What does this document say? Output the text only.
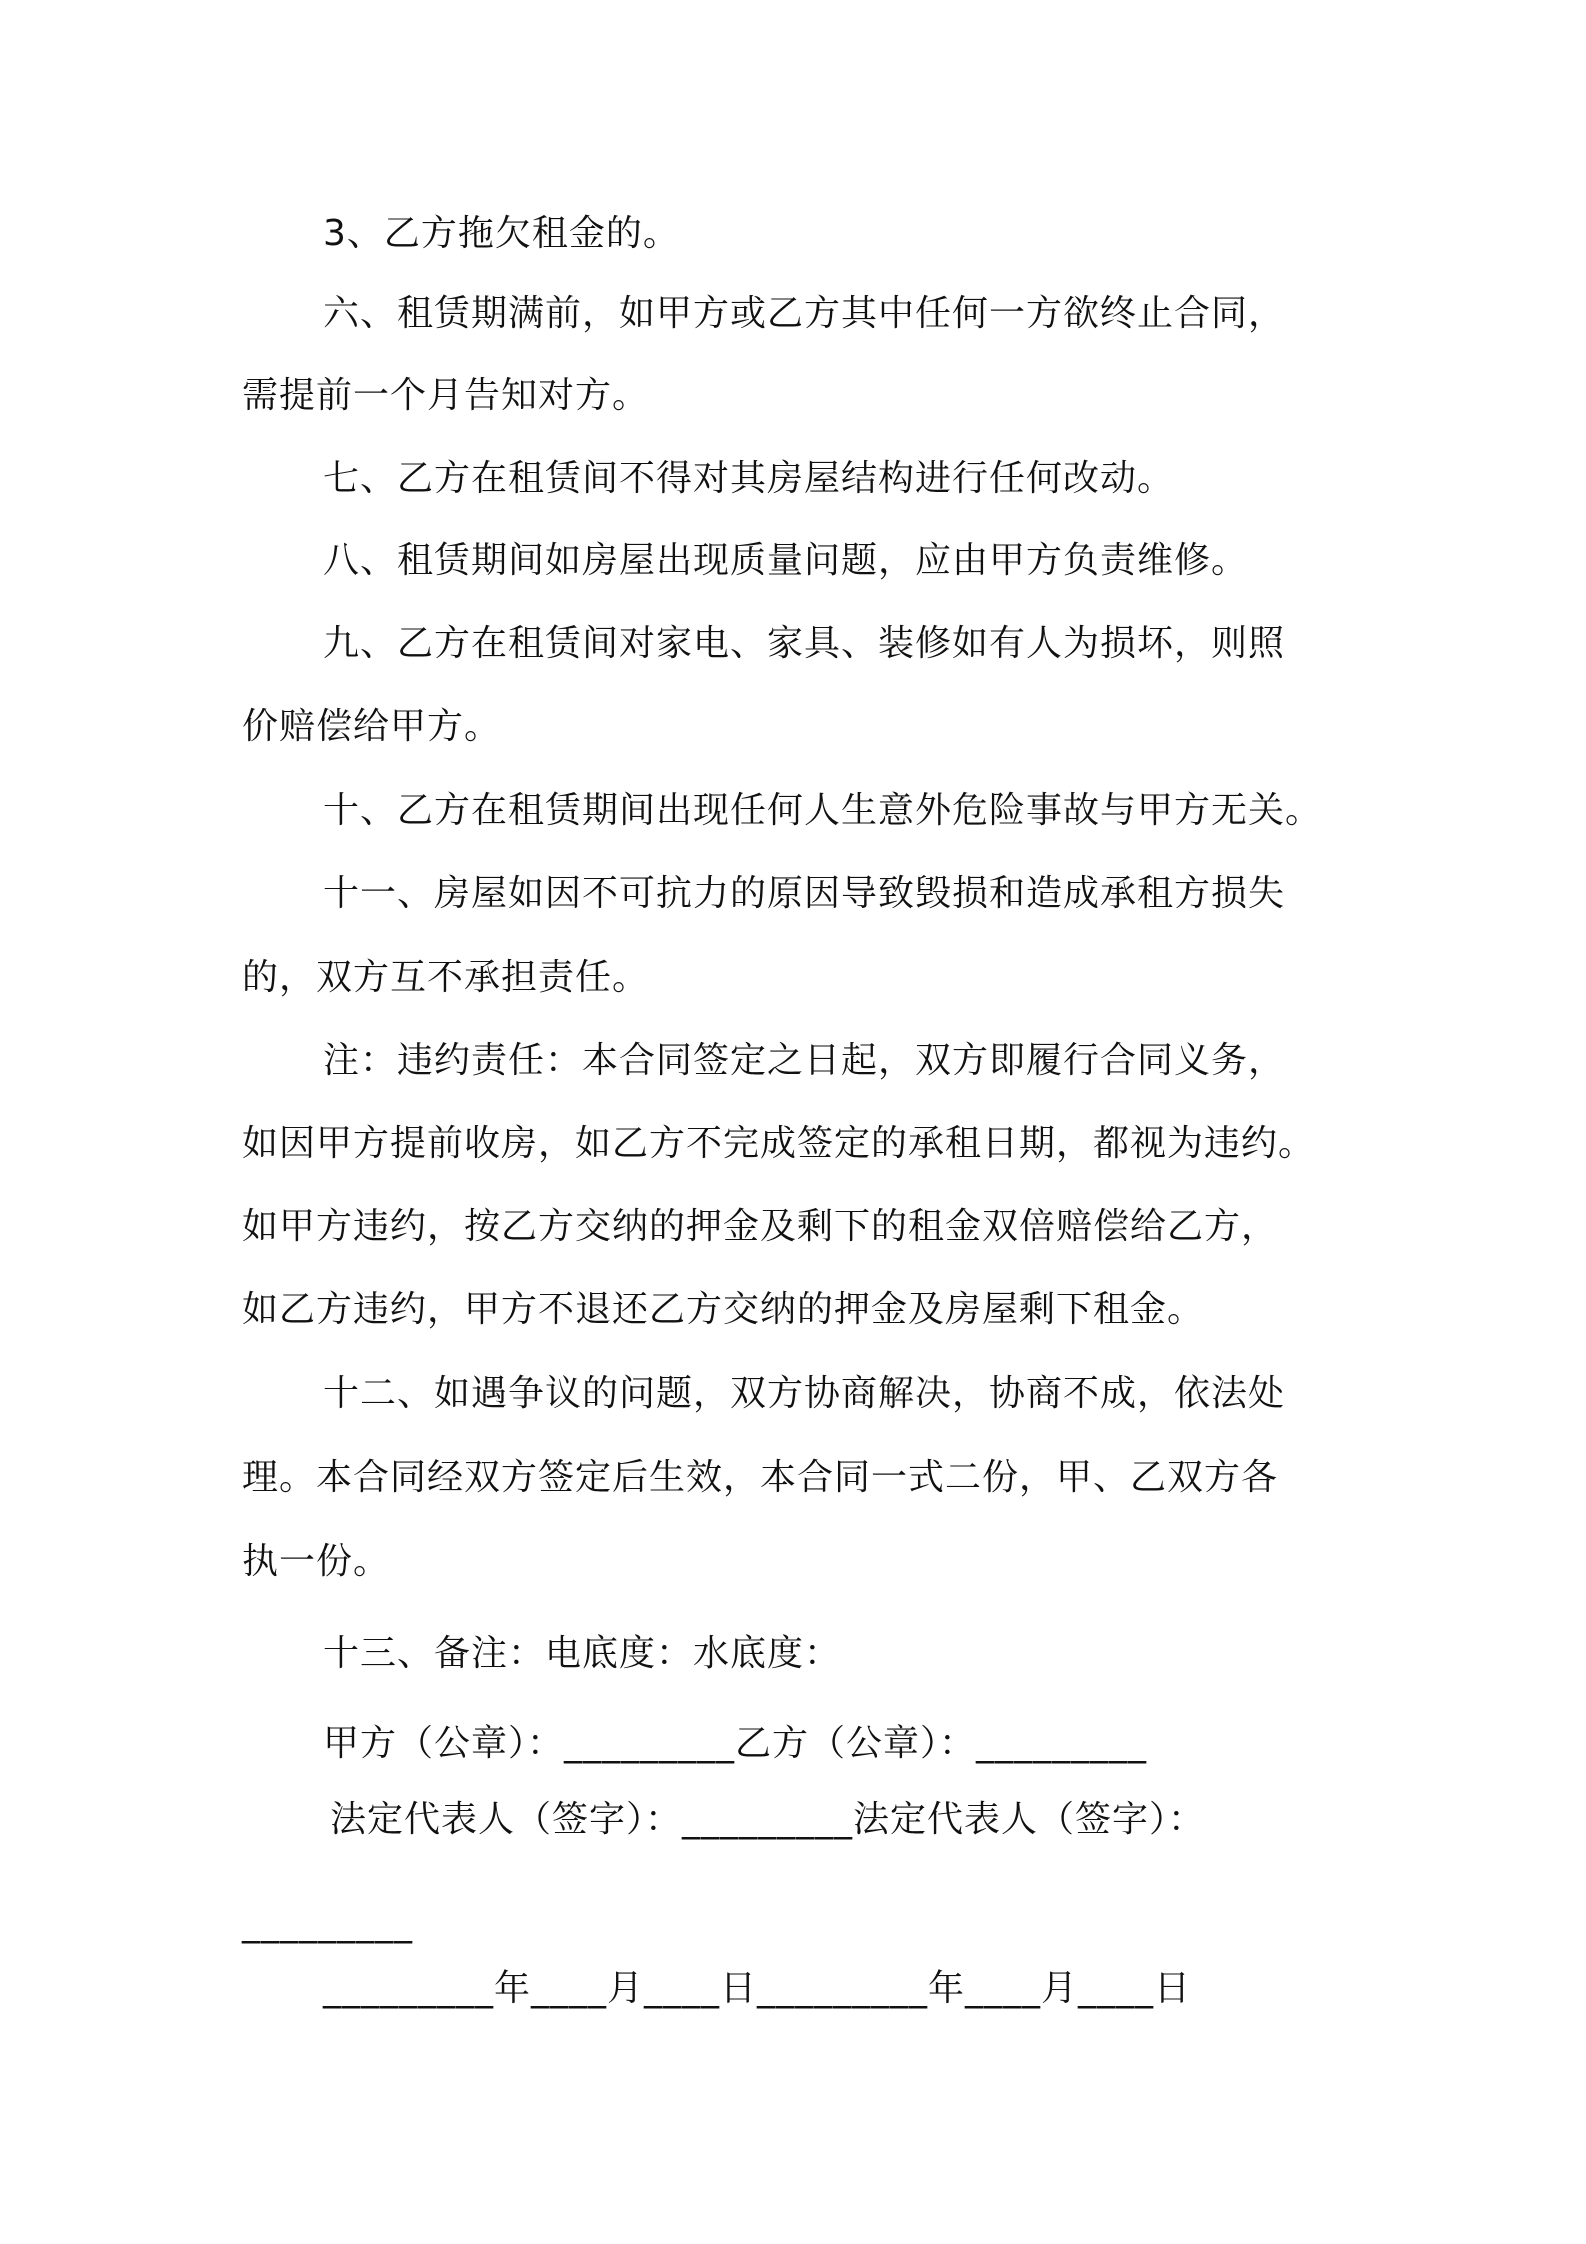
3、乙方拖欠租金的。
六、租赁期满前，如甲方或乙方其中任何一方欲终止合同，
需提前一个月告知对方。
七、乙方在租赁间不得对其房屋结构进行任何改动。
八、租赁期间如房屋出现质量问题，应由甲方负责维修。
九、乙方在租赁间对家电、家具、装修如有人为损坏，则照
价赔偿给甲方。
十、乙方在租赁期间出现任何人生意外危险事故与甲方无关。
十一、房屋如因不可抗力的原因导致毁损和造成承租方损失
的，双方互不承担责任。
注：违约责任：本合同签定之日起，双方即履行合同义务，
如因甲方提前收房，如乙方不完成签定的承租日期，都视为违约。
如甲方违约，按乙方交纳的押金及剩下的租金双倍赔偿给乙方，
如乙方违约，甲方不退还乙方交纳的押金及房屋剩下租金。
十二、如遇争议的问题，双方协商解决，协商不成，依法处
理。本合同经双方签定后生效，本合同一式二份，甲、乙双方各
执一份。
十三、备注：电底度：水底度：
甲方（公章）：_________乙方（公章）：_________
法定代表人（签字）：_________法定代表人（签字）：
_________
_________年____月____日_________年____月____日
